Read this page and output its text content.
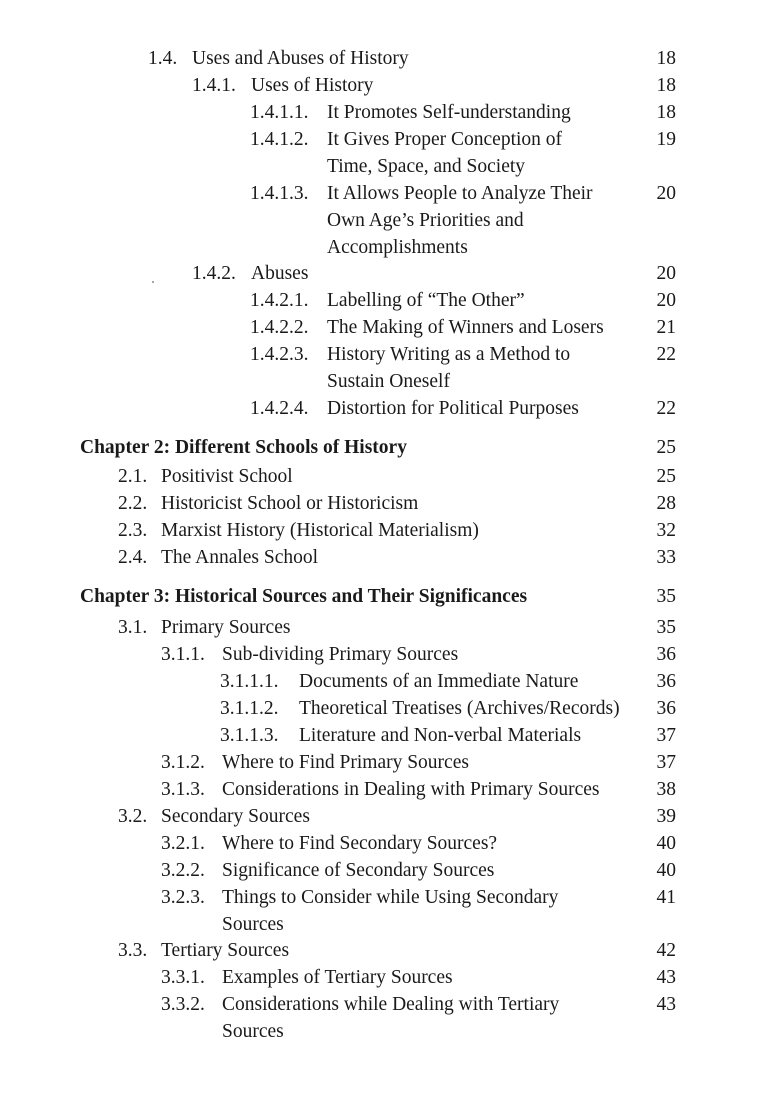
1.4. Uses and Abuses of History	18
1.4.1. Uses of History	18
1.4.1.1. It Promotes Self-understanding	18
1.4.1.2. It Gives Proper Conception of	19
Time, Space, and Society
1.4.1.3. It Allows People to Analyze Their	20
Own Age’s Priorities and
Accomplishments
1.4.2. Abuses	20
1.4.2.1. Labelling of “The Other”	20
1.4.2.2. The Making of Winners and Losers	21
1.4.2.3. History Writing as a Method to	22
Sustain Oneself
1.4.2.4. Distortion for Political Purposes	22
Chapter 2: Different Schools of History	25
2.1. Positivist School	25
2.2. Historicist School or Historicism	28
2.3. Marxist History (Historical Materialism)	32
2.4. The Annales School	33
Chapter 3: Historical Sources and Their Significances	35
3.1. Primary Sources	35
3.1.1. Sub-dividing Primary Sources	36
3.1.1.1. Documents of an Immediate Nature	36
3.1.1.2. Theoretical Treatises (Archives/Records) 36
3.1.1.3. Literature and Non-verbal Materials	37
3.1.2. Where to Find Primary Sources	37
3.1.3. Considerations in Dealing with Primary Sources	38
3.2. Secondary Sources	39
3.2.1. Where to Find Secondary Sources?	40
3.2.2. Significance of Secondary Sources	40
3.2.3. Things to Consider while Using Secondary	41
Sources
3.3. Tertiary Sources	42
3.3.1. Examples of Tertiary Sources	43
3.3.2. Considerations while Dealing with Tertiary	43
Sources
